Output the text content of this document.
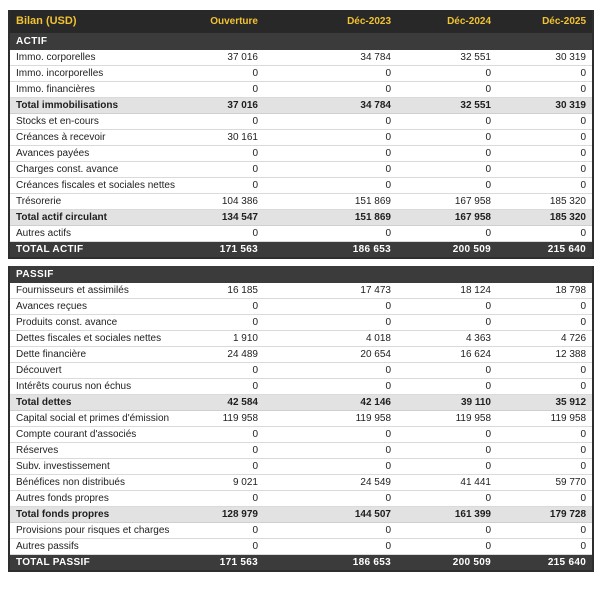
Bilan (USD)	Ouverture	Déc-2023	Déc-2024	Déc-2025
ACTIF				
Immo. corporelles	37 016	34 784	32 551	30 319
Immo. incorporelles	0	0	0	0
Immo. financières	0	0	0	0
Total immobilisations	37 016	34 784	32 551	30 319
Stocks et en-cours	0	0	0	0
Créances à recevoir	30 161	0	0	0
Avances payées	0	0	0	0
Charges const. avance	0	0	0	0
Créances fiscales et sociales nettes	0	0	0	0
Trésorerie	104 386	151 869	167 958	185 320
Total actif circulant	134 547	151 869	167 958	185 320
Autres actifs	0	0	0	0
TOTAL ACTIF	171 563	186 653	200 509	215 640
PASSIF				
Fournisseurs et assimilés	16 185	17 473	18 124	18 798
Avances reçues	0	0	0	0
Produits const. avance	0	0	0	0
Dettes fiscales et sociales nettes	1 910	4 018	4 363	4 726
Dette financière	24 489	20 654	16 624	12 388
Découvert	0	0	0	0
Intérêts courus non échus	0	0	0	0
Total dettes	42 584	42 146	39 110	35 912
Capital social et primes d'émission	119 958	119 958	119 958	119 958
Compte courant d'associés	0	0	0	0
Réserves	0	0	0	0
Subv. investissement	0	0	0	0
Bénéfices non distribués	9 021	24 549	41 441	59 770
Autres fonds propres	0	0	0	0
Total fonds propres	128 979	144 507	161 399	179 728
Provisions pour risques et charges	0	0	0	0
Autres passifs	0	0	0	0
TOTAL PASSIF	171 563	186 653	200 509	215 640
